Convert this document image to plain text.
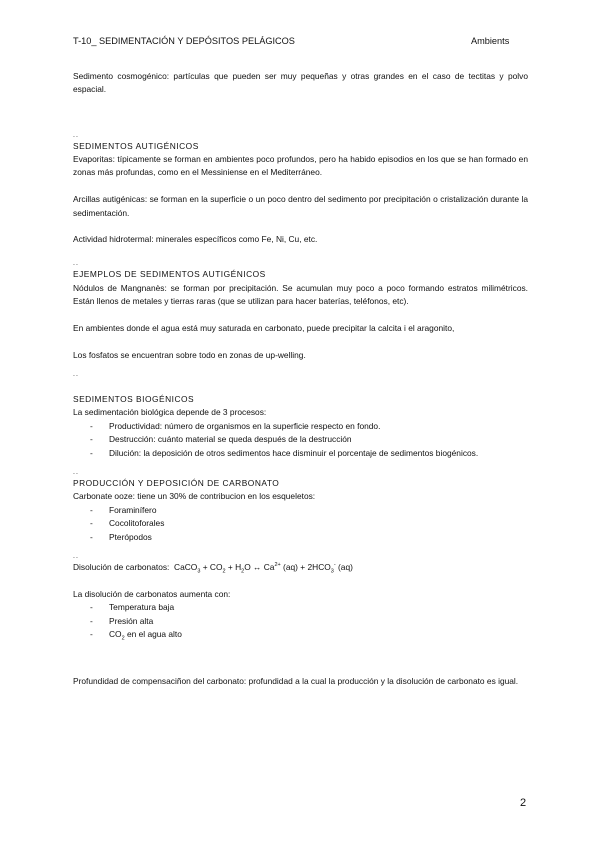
T-10_ SEDIMENTACIÓN Y DEPÓSITOS PELÁGICOS	Ambients

Sedimento cosmogénico: partículas que pueden ser muy pequeñas y otras grandes en el caso de tectitas y polvo espacial.

..

SEDIMENTOS AUTIGÉNICOS

Evaporitas: típicamente se forman en ambientes poco profundos, pero ha habido episodios en los que se han formado en zonas más profundas, como en el Messiniense en el Mediterráneo.

Arcillas autigénicas: se forman en la superficie o un poco dentro del sedimento por precipitación o cristalización durante la sedimentación.

Actividad hidrotermal: minerales específicos como Fe, Ni, Cu, etc.

..

EJEMPLOS DE SEDIMENTOS AUTIGÉNICOS

Nódulos de Mangnanès: se forman por precipitación. Se acumulan muy poco a poco formando estratos milimétricos. Están llenos de metales y tierras raras (que se utilizan para hacer baterías, teléfonos, etc).

En ambientes donde el agua está muy saturada en carbonato, puede precipitar la calcita i el aragonito,

Los fosfatos se encuentran sobre todo en zonas de up-welling.

..

SEDIMENTOS BIOGÉNICOS

La sedimentación biológica depende de 3 procesos:

- Productividad: número de organismos en la superficie respecto en fondo.
- Destrucción: cuánto material se queda después de la destrucción
- Dilución: la deposición de otros sedimentos hace disminuir el porcentaje de sedimentos biogénicos.

..

PRODUCCIÓN Y DEPOSICIÓN DE CARBONATO

Carbonate ooze: tiene un 30% de contribucion en los esqueletos:

- Foraminífero
- Cocolitoforales
- Pterópodos

..

Disolución de carbonatos: CaCO$_3$ + $CO_2 + H_2O$ ↔ $Ca^{2+}$ $(aq) + 2HCO_3^-$ (aq)

La disolución de carbonatos aumenta con:

- Temperatura baja
- Presión alta
- $CO_2$ en el agua alto

Profundidad de compensaciñon del carbonato: profundidad a la cual la producción y la disolución de carbonato es igual.

2
